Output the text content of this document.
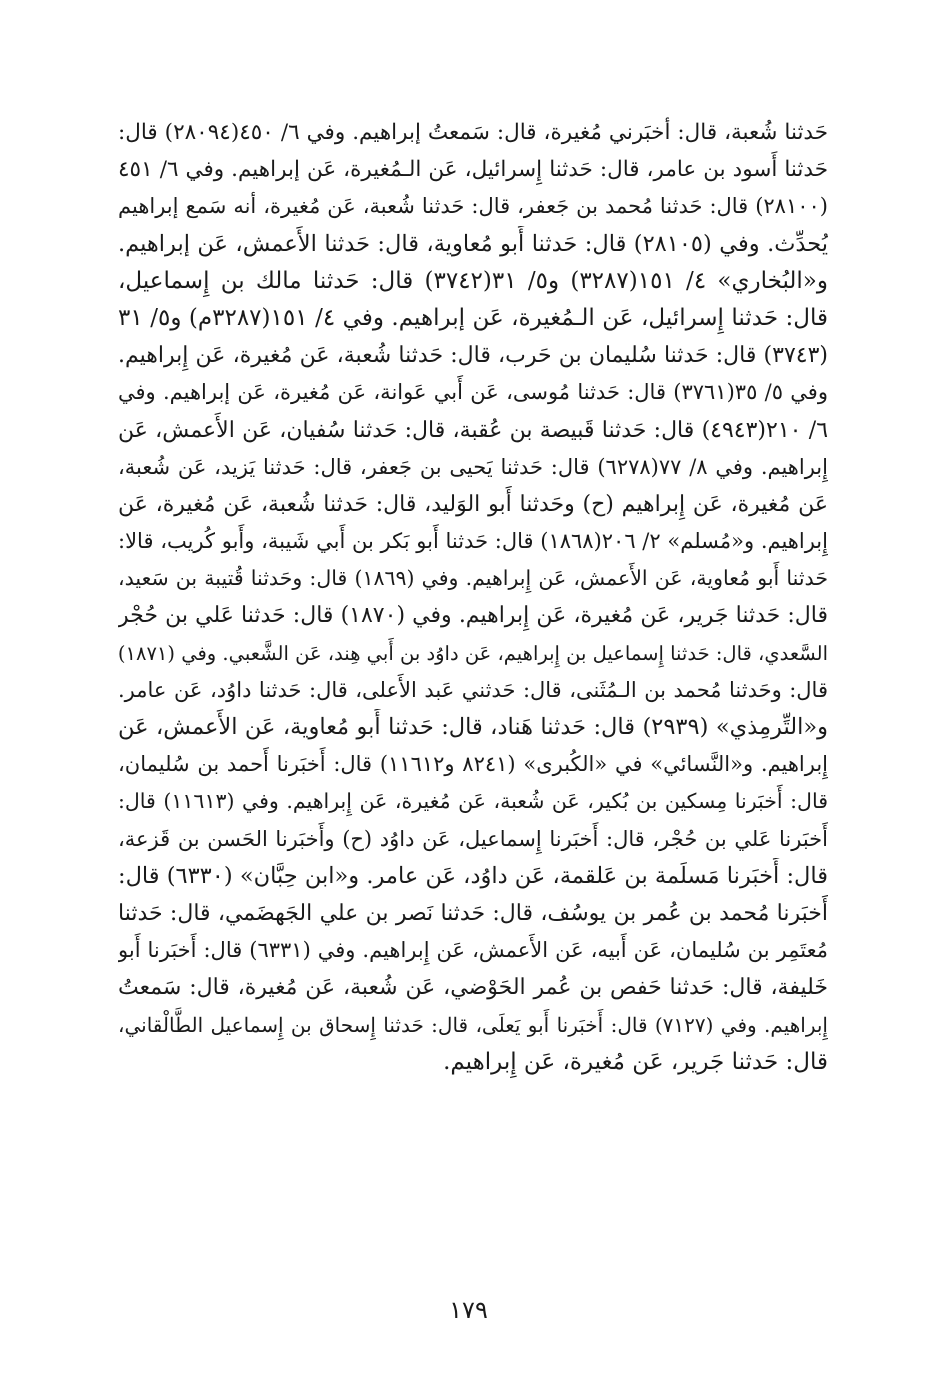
حَدثنا شُعبة، قال: أخبَرني مُغيرة، قال: سَمعتُ إبراهيم. وفي ٦/ ٤٥٠(٢٨٠٩٤) قال:
حَدثنا أَسود بن عامر، قال: حَدثنا إِسرائيل، عَن الـمُغيرة، عَن إبراهيم. وفي ٦/ ٤٥١
(٢٨١٠٠) قال: حَدثنا مُحمد بن جَعفر، قال: حَدثنا شُعبة، عَن مُغيرة، أنه سَمع إبراهيم
يُحدِّث. وفي (٢٨١٠٥) قال: حَدثنا أَبو مُعاوية، قال: حَدثنا الأَعمش، عَن إبراهيم.
و«البُخاري» ٤/ ١٥١(٣٢٨٧) و٥/ ٣١(٣٧٤٢) قال: حَدثنا مالك بن إِسماعيل،
قال: حَدثنا إِسرائيل، عَن الـمُغيرة، عَن إبراهيم. وفي ٤/ ١٥١(٣٢٨٧م) و٥/ ٣١
(٣٧٤٣) قال: حَدثنا سُليمان بن حَرب، قال: حَدثنا شُعبة، عَن مُغيرة، عَن إِبراهيم.
وفي ٥/ ٣٥(٣٧٦١) قال: حَدثنا مُوسى، عَن أَبي عَوانة، عَن مُغيرة، عَن إبراهيم. وفي
٦/ ٢١٠(٤٩٤٣) قال: حَدثنا قَبيصة بن عُقبة، قال: حَدثنا سُفيان، عَن الأَعمش، عَن
إِبراهيم. وفي ٨/ ٧٧(٦٢٧٨) قال: حَدثنا يَحيى بن جَعفر، قال: حَدثنا يَزيد، عَن شُعبة،
عَن مُغيرة، عَن إِبراهيم (ح) وحَدثنا أَبو الوَليد، قال: حَدثنا شُعبة، عَن مُغيرة، عَن
إِبراهيم. و«مُسلم» ٢/ ٢٠٦(١٨٦٨) قال: حَدثنا أَبو بَكر بن أَبي شَيبة، وأَبو كُريب، قالا:
حَدثنا أَبو مُعاوية، عَن الأَعمش، عَن إِبراهيم. وفي (١٨٦٩) قال: وحَدثنا قُتيبة بن سَعيد،
قال: حَدثنا جَرير، عَن مُغيرة، عَن إِبراهيم. وفي (١٨٧٠) قال: حَدثنا عَلي بن حُجْر
السَّعدي، قال: حَدثنا إِسماعيل بن إِبراهيم، عَن داوُد بن أَبي هِند، عَن الشَّعبي. وفي (١٨٧١)
قال: وحَدثنا مُحمد بن الـمُثَنى، قال: حَدثني عَبد الأَعلى، قال: حَدثنا داوُد، عَن عامر.
و«التِّرمِذي» (٢٩٣٩) قال: حَدثنا هَناد، قال: حَدثنا أَبو مُعاوية، عَن الأَعمش، عَن
إِبراهيم. و«النَّسائي» في «الكُبرى» (٨٢٤١ و١١٦١٢) قال: أَخبَرنا أَحمد بن سُليمان،
قال: أَخبَرنا مِسكين بن بُكير، عَن شُعبة، عَن مُغيرة، عَن إِبراهيم. وفي (١١٦١٣) قال:
أَخبَرنا عَلي بن حُجْر، قال: أَخبَرنا إِسماعيل، عَن داوُد (ح) وأَخبَرنا الحَسن بن قَزعة،
قال: أَخبَرنا مَسلَمة بن عَلقمة، عَن داوُد، عَن عامر. و«ابن حِبَّان» (٦٣٣٠) قال:
أَخبَرنا مُحمد بن عُمر بن يوسُف، قال: حَدثنا نَصر بن علي الجَهضَمي، قال: حَدثنا
مُعتَمِر بن سُليمان، عَن أَبيه، عَن الأَعمش، عَن إِبراهيم. وفي (٦٣٣١) قال: أَخبَرنا أَبو
خَليفة، قال: حَدثنا حَفص بن عُمر الحَوْضي، عَن شُعبة، عَن مُغيرة، قال: سَمعتُ
إِبراهيم. وفي (٧١٢٧) قال: أَخبَرنا أَبو يَعلَى، قال: حَدثنا إِسحاق بن إِسماعيل الطَّالْقاني،
قال: حَدثنا جَرير، عَن مُغيرة، عَن إِبراهيم.
١٧٩
